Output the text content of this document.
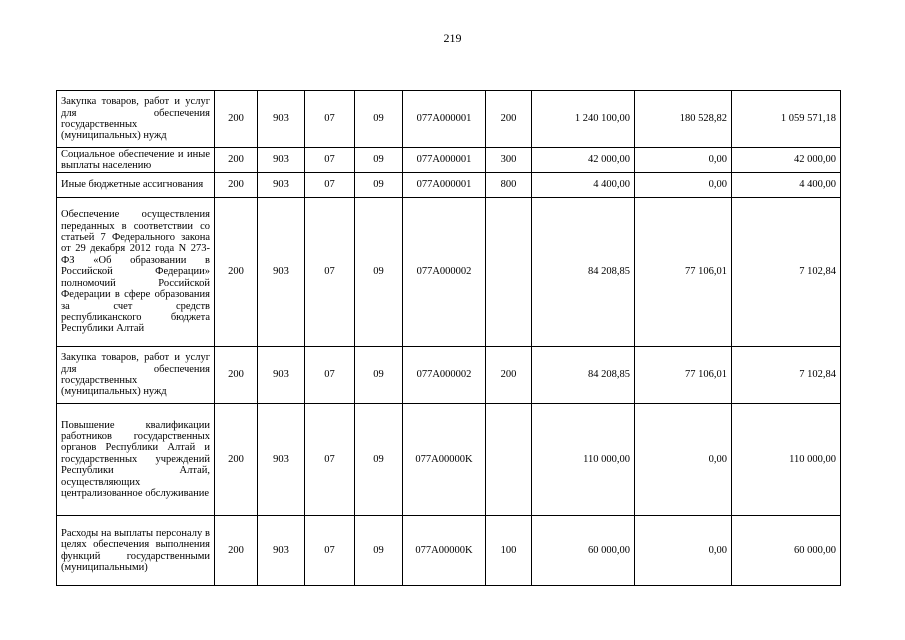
219
Закупка товаров, работ и услуг для обеспечения государственных (муниципальных) нужд	200	903	07	09	077A000001	200	1 240 100,00	180 528,82	1 059 571,18
Социальное обеспечение и иные выплаты населению	200	903	07	09	077A000001	300	42 000,00	0,00	42 000,00
Иные бюджетные ассигнования	200	903	07	09	077A000001	800	4 400,00	0,00	4 400,00
Обеспечение осуществления переданных в соответствии со статьей 7 Федерального закона от 29 декабря 2012 года N 273-ФЗ «Об образовании в Российской Федерации» полномочий Российской Федерации в сфере образования за счет средств республиканского бюджета Республики Алтай	200	903	07	09	077A000002		84 208,85	77 106,01	7 102,84
Закупка товаров, работ и услуг для обеспечения государственных (муниципальных) нужд	200	903	07	09	077A000002	200	84 208,85	77 106,01	7 102,84
Повышение квалификации работников государственных органов Республики Алтай и государственных учреждений Республики Алтай, осуществляющих централизованное обслуживание	200	903	07	09	077A00000K		110 000,00	0,00	110 000,00
Расходы на выплаты персоналу в целях обеспечения выполнения функций государственными (муниципальными)	200	903	07	09	077A00000K	100	60 000,00	0,00	60 000,00
